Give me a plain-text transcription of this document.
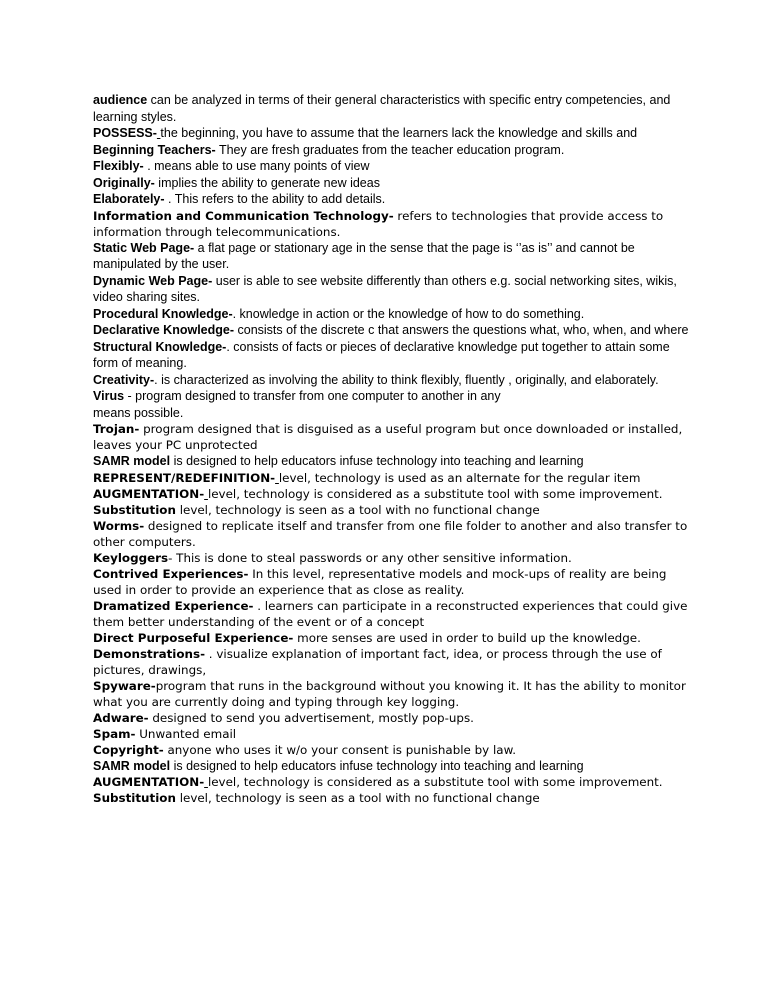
audience can be analyzed in terms of their general characteristics with specific entry competencies, and learning styles.

POSSESS- the beginning, you have to assume that the learners lack the knowledge and skills and

Beginning Teachers- They are fresh graduates from the teacher education program.

Flexibly- . means able to use many points of view

Originally- implies the ability to generate new ideas

Elaborately- . This refers to the ability to add details.

Information and Communication Technology- refers to technologies that provide access to information through telecommunications.

Static Web Page- a flat page or stationary age in the sense that the page is ‘’as is’’ and cannot be manipulated by the user.

Dynamic Web Page- user is able to see website differently than others e.g. social networking sites, wikis, video sharing sites.

Procedural Knowledge-. knowledge in action or the knowledge of how to do something.

Declarative Knowledge- consists of the discrete c that answers the questions what, who, when, and where

Structural Knowledge-. consists of facts or pieces of declarative knowledge put together to attain some form of meaning.

Creativity-. is characterized as involving the ability to think flexibly, fluently , originally, and elaborately.

Virus - program designed to transfer from one computer to another in any
means possible.

Trojan- program designed that is disguised as a useful program but once downloaded or installed, leaves your PC unprotected

SAMR model is designed to help educators infuse technology into teaching and learning

REPRESENT/REDEFINITION- level, technology is used as an alternate for the regular item

AUGMENTATION- level, technology is considered as a substitute tool with some improvement.

Substitution level, technology is seen as a tool with no functional change

Worms- designed to replicate itself and transfer from one file folder to another and also transfer to other computers.

Keyloggers- This is done to steal passwords or any other sensitive information.

Contrived Experiences- In this level, representative models and mock-ups of reality are being used in order to provide an experience that as close as reality.

Dramatized Experience- . learners can participate in a reconstructed experiences that could give them better understanding of the event or of a concept

Direct Purposeful Experience- more senses are used in order to build up the knowledge.

Demonstrations- . visualize explanation of important fact, idea, or process through the use of pictures, drawings,

Spyware-program that runs in the background without you knowing it. It has the ability to monitor what you are currently doing and typing through key logging.

Adware- designed to send you advertisement, mostly pop-ups.

Spam- Unwanted email

Copyright- anyone who uses it w/o your consent is punishable by law.

SAMR model is designed to help educators infuse technology into teaching and learning

AUGMENTATION- level, technology is considered as a substitute tool with some improvement.

Substitution level, technology is seen as a tool with no functional change
